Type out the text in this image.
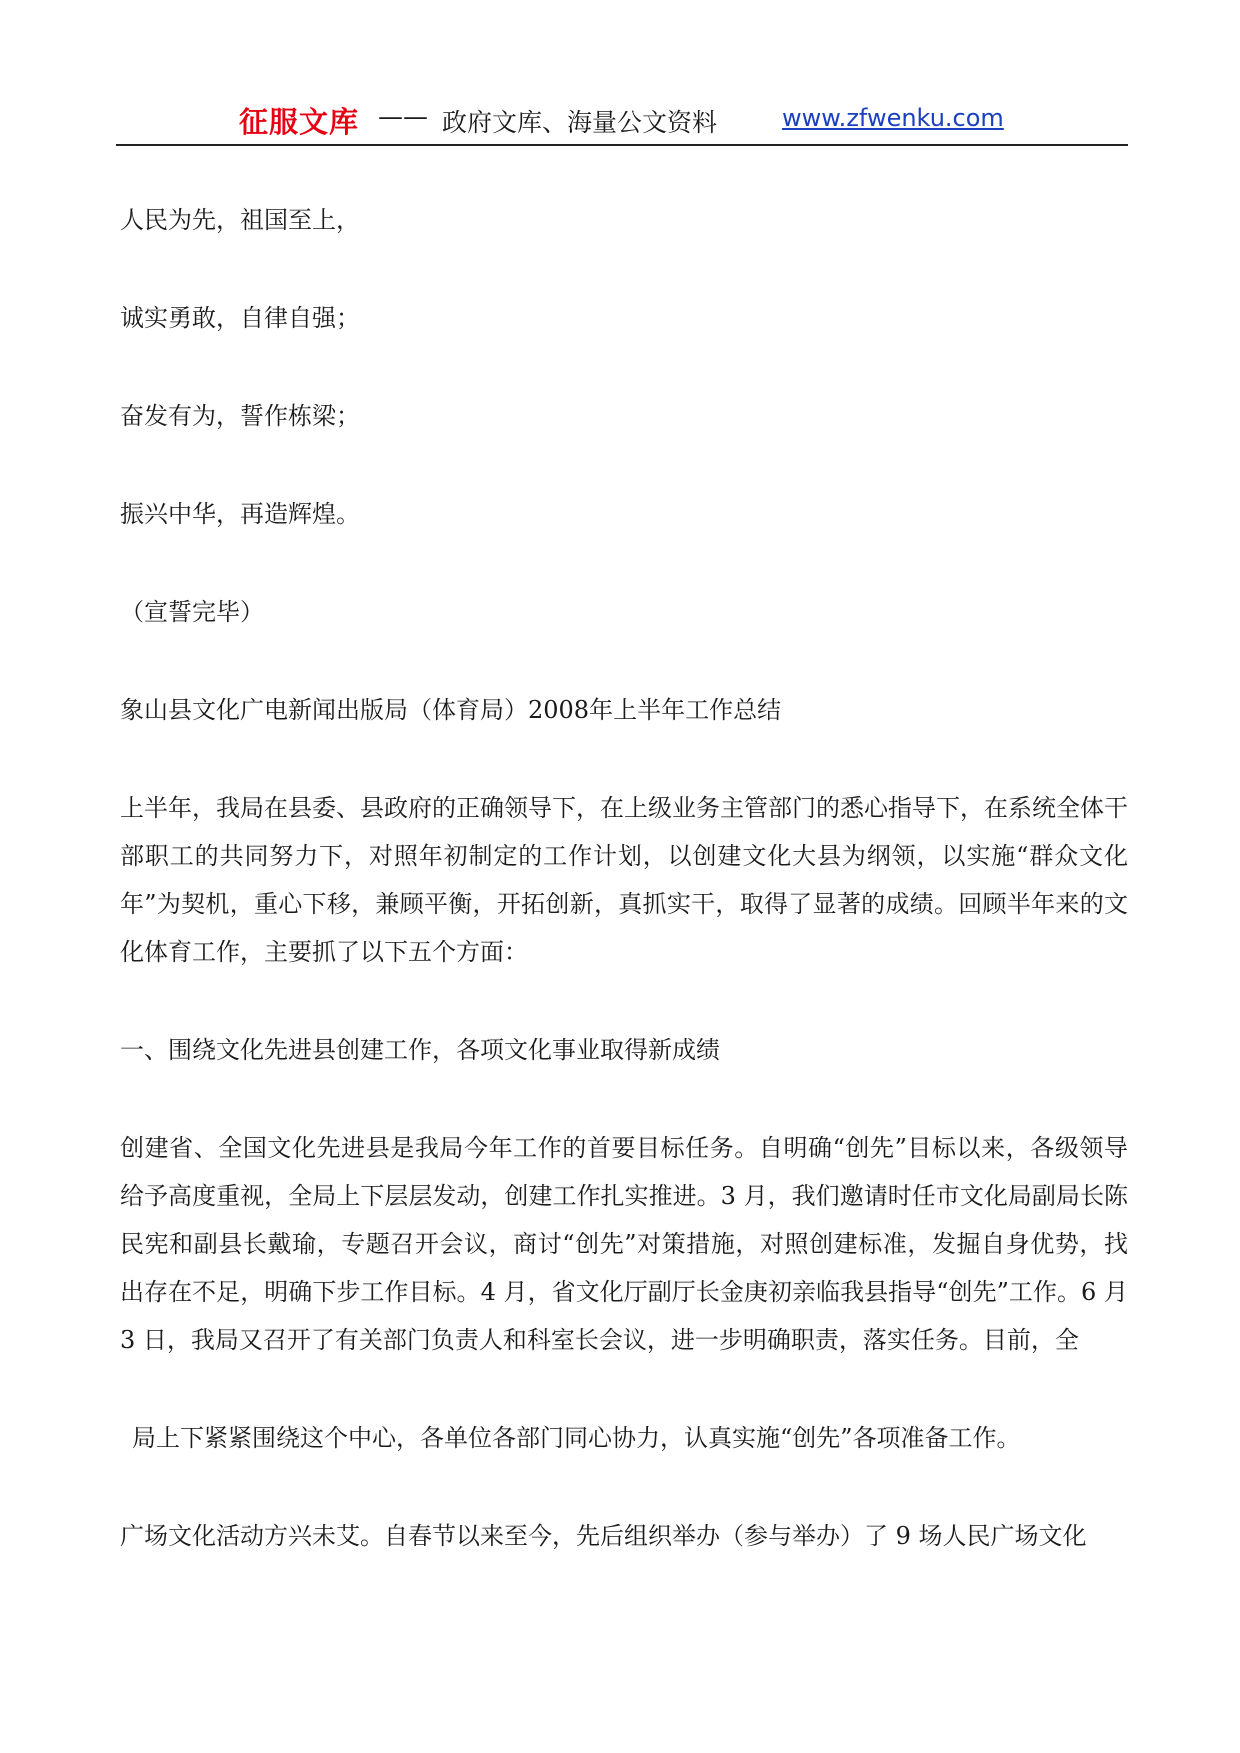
征服文库 —— 政府文库、海量公文资料	www.zfwenku.com

人民为先，祖国至上，

诚实勇敢，自律自强；

奋发有为，誓作栋梁；

振兴中华，再造辉煌。

（宣誓完毕）

象山县文化广电新闻出版局（体育局）2008年上半年工作总结

上半年，我局在县委、县政府的正确领导下，在上级业务主管部门的悉心指导下，在系统全体干部职工的共同努力下，对照年初制定的工作计划，以创建文化大县为纲领，以实施“群众文化年”为契机，重心下移，兼顾平衡，开拓创新，真抓实干，取得了显著的成绩。回顾半年来的文化体育工作，主要抓了以下五个方面：

一、围绕文化先进县创建工作，各项文化事业取得新成绩

创建省、全国文化先进县是我局今年工作的首要目标任务。自明确“创先”目标以来，各级领导给予高度重视，全局上下层层发动，创建工作扎实推进。3 月，我们邀请时任市文化局副局长陈民宪和副县长戴瑜，专题召开会议，商讨“创先”对策措施，对照创建标准，发掘自身优势，找出存在不足，明确下步工作目标。4 月，省文化厅副厅长金庚初亲临我县指导“创先”工作。6 月 3 日，我局又召开了有关部门负责人和科室长会议，进一步明确职责，落实任务。目前，全

局上下紧紧围绕这个中心，各单位各部门同心协力，认真实施“创先”各项准备工作。

广场文化活动方兴未艾。自春节以来至今，先后组织举办（参与举办）了 9 场人民广场文化
